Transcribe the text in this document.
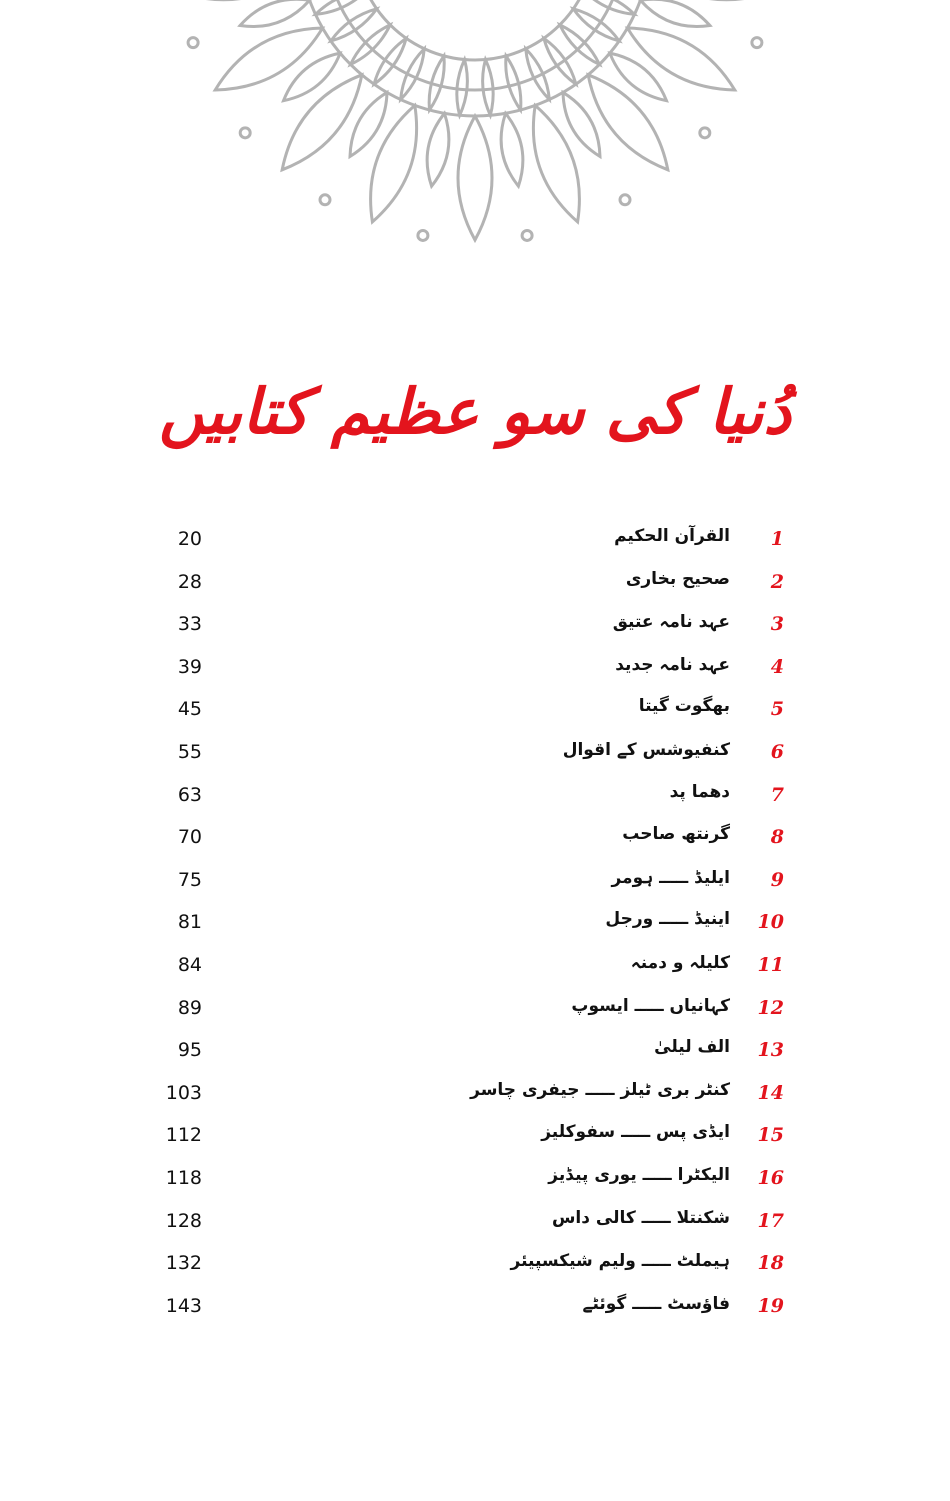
دُنیا کی سو عظیم کتابیں
1
القرآن الحکیم
20
2
صحیح بخاری
28
3
عہد نامہ عتیق
33
4
عہد نامہ جدید
39
5
بھگوت گیتا
45
6
کنفیوشس کے اقوال
55
7
دھما پد
63
8
گرنتھ صاحب
70
9
ایلیڈ ـــــ ہومر
75
10
اینیڈ ـــــ ورجل
81
11
کلیلہ و دمنہ
84
12
کہانیاں ـــــ ایسوپ
89
13
الف لیلیٰ
95
14
کنٹر بری ٹیلز ـــــ جیفری چاسر
103
15
ایڈی پس ـــــ سفوکلیز
112
16
الیکٹرا ـــــ یوری پیڈیز
118
17
شکنتلا ـــــ کالی داس
128
18
ہیملٹ ـــــ ولیم شیکسپیئر
132
19
فاؤسٹ ـــــ گوئٹے
143
